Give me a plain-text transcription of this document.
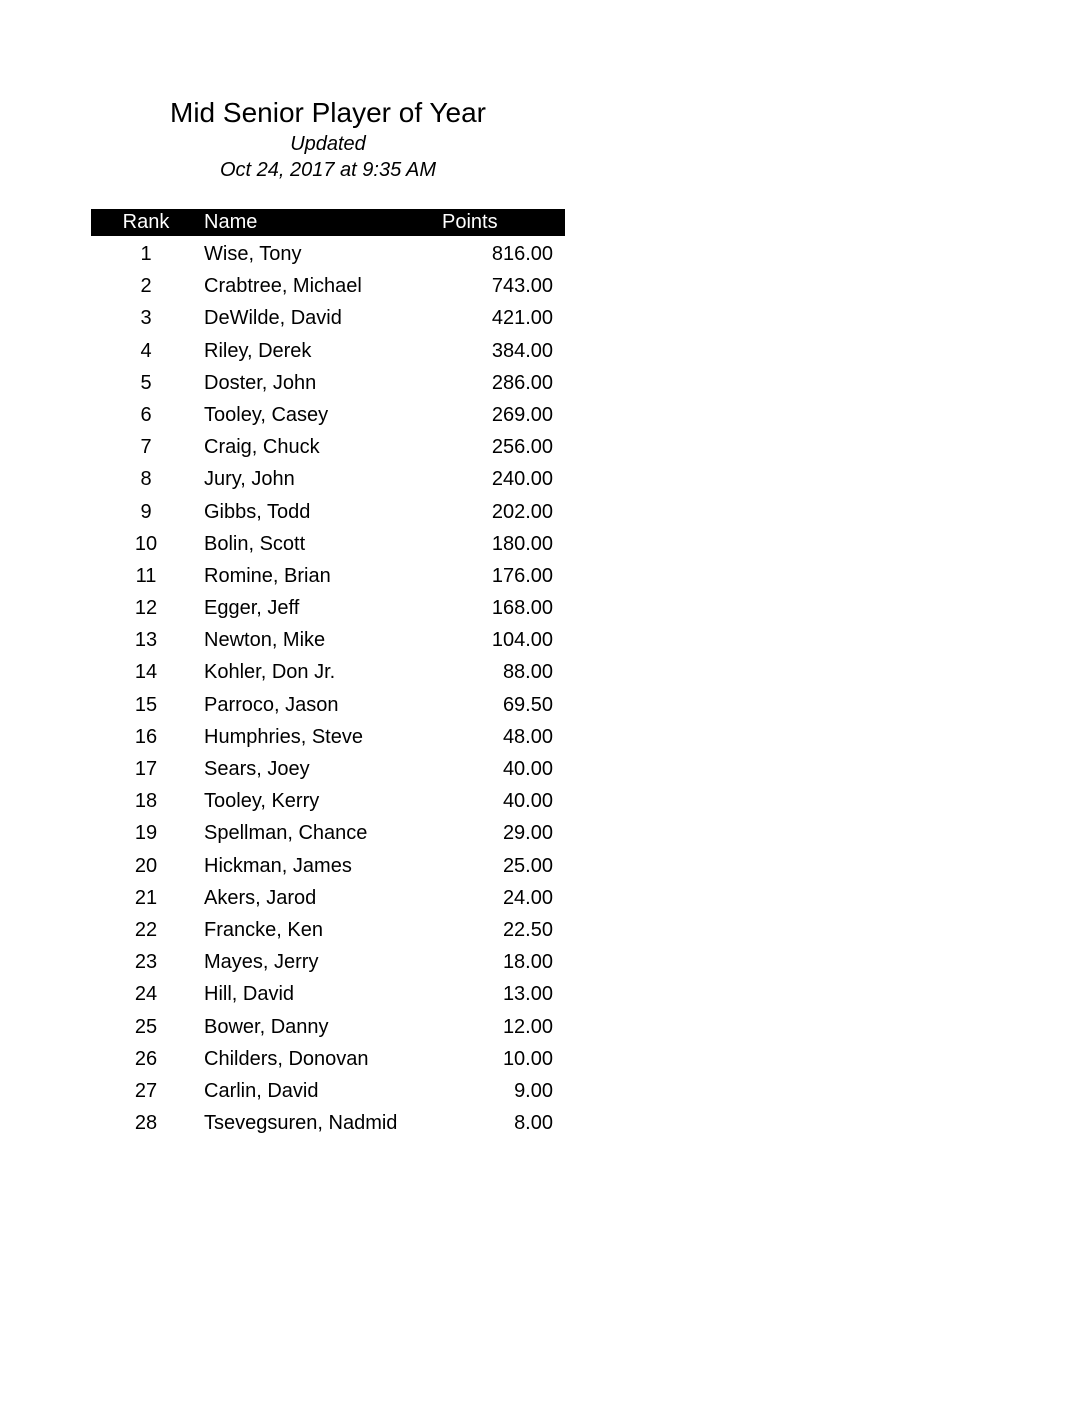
Mid Senior Player of Year
Updated
Oct 24, 2017 at 9:35 AM
Rank	Name	Points
1	Wise, Tony	816.00
2	Crabtree, Michael	743.00
3	DeWilde, David	421.00
4	Riley, Derek	384.00
5	Doster, John	286.00
6	Tooley, Casey	269.00
7	Craig, Chuck	256.00
8	Jury, John	240.00
9	Gibbs, Todd	202.00
10	Bolin, Scott	180.00
11	Romine, Brian	176.00
12	Egger, Jeff	168.00
13	Newton, Mike	104.00
14	Kohler, Don Jr.	88.00
15	Parroco, Jason	69.50
16	Humphries, Steve	48.00
17	Sears, Joey	40.00
18	Tooley, Kerry	40.00
19	Spellman, Chance	29.00
20	Hickman, James	25.00
21	Akers, Jarod	24.00
22	Francke, Ken	22.50
23	Mayes, Jerry	18.00
24	Hill, David	13.00
25	Bower, Danny	12.00
26	Childers, Donovan	10.00
27	Carlin, David	9.00
28	Tsevegsuren, Nadmid	8.00
